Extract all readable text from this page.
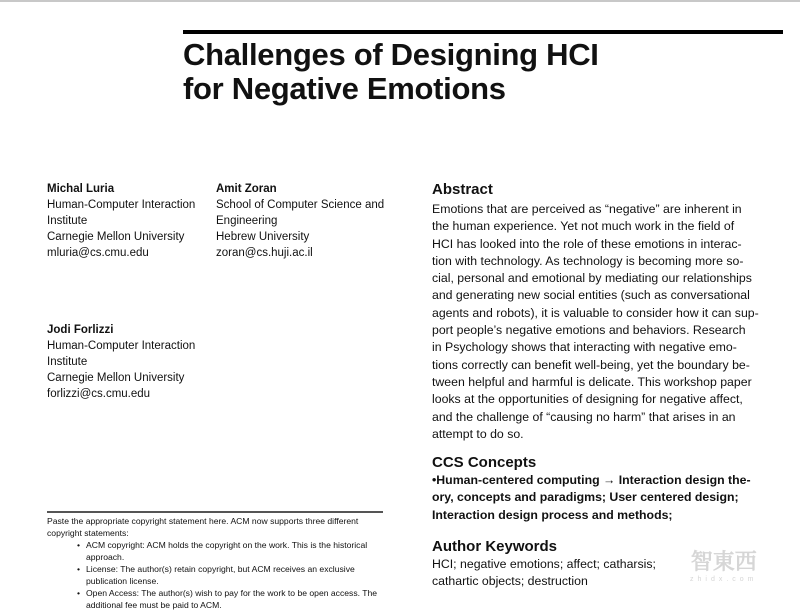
Challenges of Designing HCI
for Negative Emotions
Michal Luria
Human-Computer Interaction
Institute
Carnegie Mellon University
mluria@cs.cmu.edu
Amit Zoran
School of Computer Science and
Engineering
Hebrew University
zoran@cs.huji.ac.il
Jodi Forlizzi
Human-Computer Interaction
Institute
Carnegie Mellon University
forlizzi@cs.cmu.edu
Abstract
Emotions that are perceived as “negative” are inherent in
the human experience. Yet not much work in the field of
HCI has looked into the role of these emotions in interac-
tion with technology. As technology is becoming more so-
cial, personal and emotional by mediating our relationships
and generating new social entities (such as conversational
agents and robots), it is valuable to consider how it can sup-
port people’s negative emotions and behaviors. Research
in Psychology shows that interacting with negative emo-
tions correctly can benefit well-being, yet the boundary be-
tween helpful and harmful is delicate. This workshop paper
looks at the opportunities of designing for negative affect,
and the challenge of “causing no harm” that arises in an
attempt to do so.
CCS Concepts
•Human-centered computing → Interaction design the-
ory, concepts and paradigms; User centered design;
Interaction design process and methods;
Author Keywords
HCI; negative emotions; affect; catharsis;
cathartic objects; destruction
Paste the appropriate copyright statement here. ACM now supports three different copyright statements:
• ACM copyright: ACM holds the copyright on the work. This is the historical approach.
• License: The author(s) retain copyright, but ACM receives an exclusive publication license.
• Open Access: The author(s) wish to pay for the work to be open access. The additional fee must be paid to ACM.
智東西
zhidx.com
